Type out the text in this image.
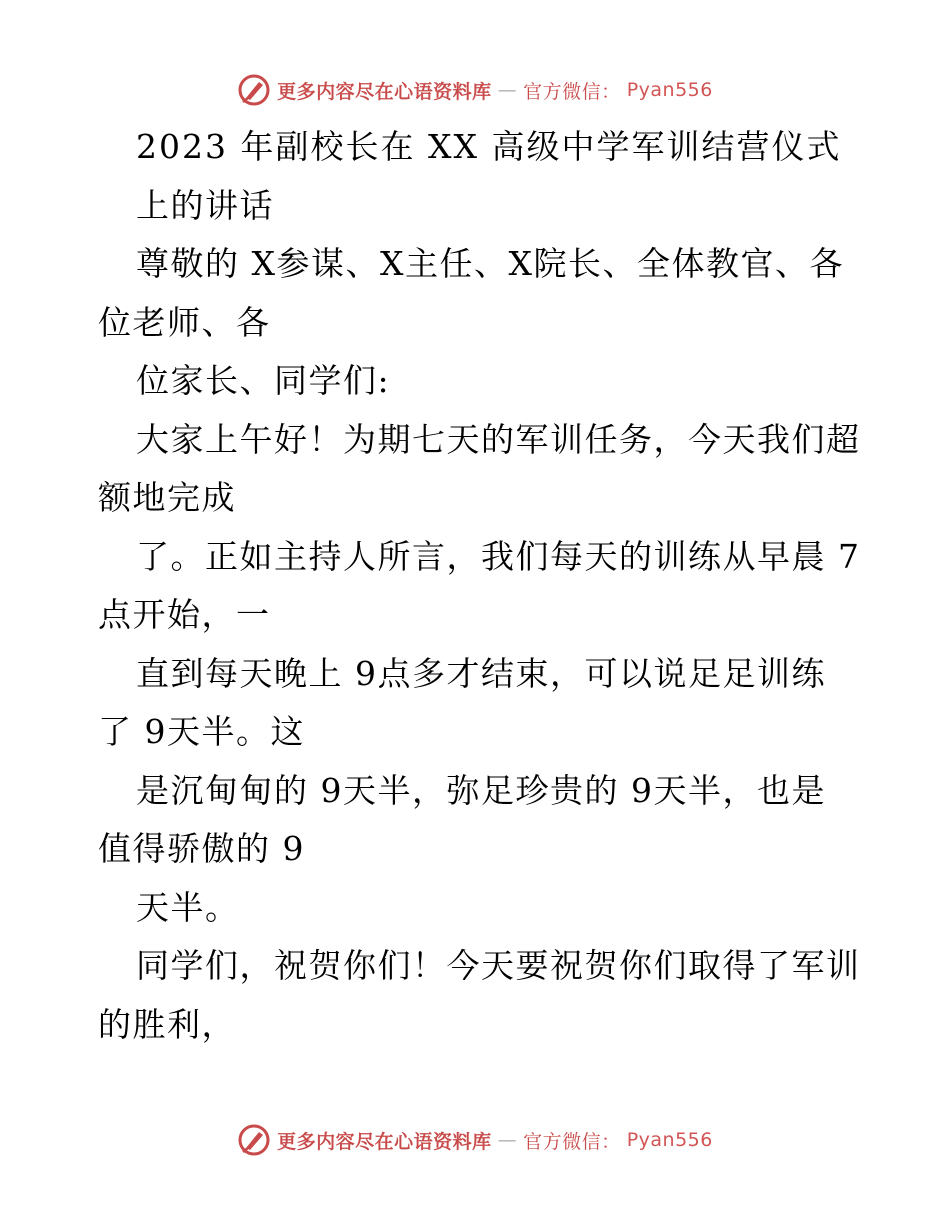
更多内容尽在心语资料库 — 官方微信： Pyan556
2023 年副校长在 XX 高级中学军训结营仪式
上的讲话
尊敬的 X参谋、X主任、X院长、全体教官、各
位老师、各
位家长、同学们:
大家上午好！为期七天的军训任务，今天我们超
额地完成
了。正如主持人所言，我们每天的训练从早晨 7
点开始，一
直到每天晚上 9点多才结束，可以说足足训练
了 9天半。这
是沉甸甸的 9天半，弥足珍贵的 9天半，也是
值得骄傲的 9
天半。
同学们，祝贺你们！今天要祝贺你们取得了军训
的胜利，
更多内容尽在心语资料库 — 官方微信： Pyan556
